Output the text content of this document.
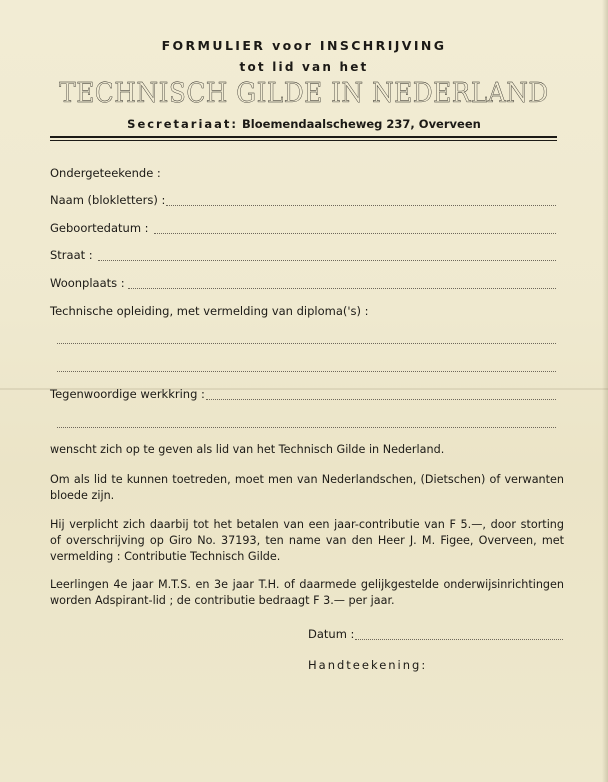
FORMULIER voor INSCHRIJVING
tot lid van het
TECHNISCH GILDE IN NEDERLAND
Secretariaat: Bloemendaalscheweg 237, Overveen
Ondergeteekende :
Naam (blokletters) :
Geboortedatum :
Straat :
Woonplaats :
Technische opleiding, met vermelding van diploma('s) :
Tegenwoordige werkkring :
wenscht zich op te geven als lid van het Technisch Gilde in Nederland.
Om als lid te kunnen toetreden, moet men van Nederlandschen, (Dietschen) of verwanten
bloede zijn.
Hij verplicht zich daarbij tot het betalen van een jaar-contributie van F 5.—, door storting
of overschrijving op Giro No. 37193, ten name van den Heer J. M. Figee, Overveen, met
vermelding : Contributie Technisch Gilde.
Leerlingen 4e jaar M.T.S. en 3e jaar T.H. of daarmede gelijkgestelde onderwijsinrichtingen
worden Adspirant-lid ; de contributie bedraagt F 3.— per jaar.
Datum :
Handteekening:
